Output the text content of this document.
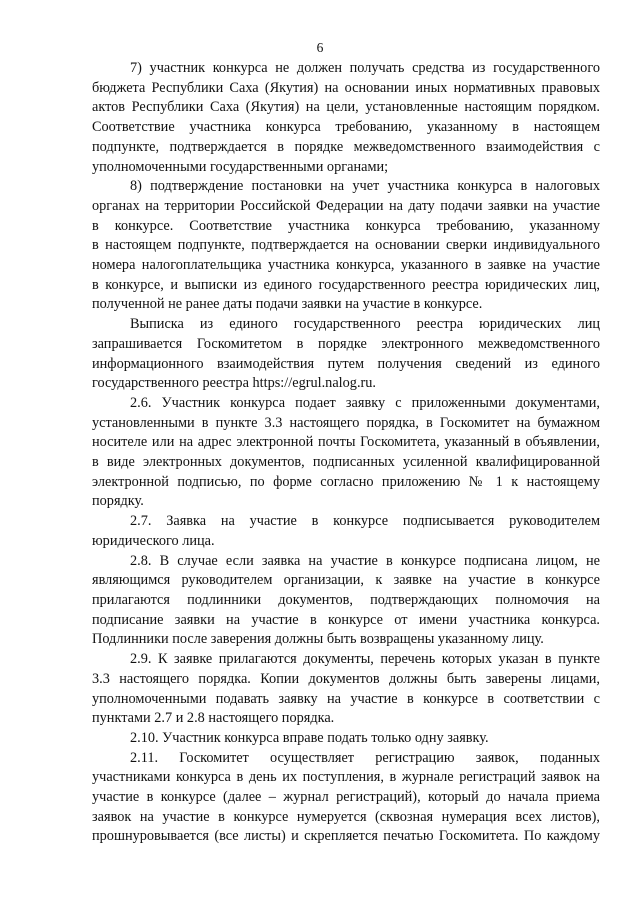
6
7) участник конкурса не должен получать средства из государственного
бюджета Республики Саха (Якутия) на основании иных нормативных правовых
актов Республики Саха (Якутия) на цели, установленные настоящим порядком.
Соответствие участника конкурса требованию, указанному в настоящем
подпункте, подтверждается в порядке межведомственного взаимодействия с
уполномоченными государственными органами;
8) подтверждение постановки на учет участника конкурса в налоговых
органах на территории Российской Федерации на дату подачи заявки на участие
в конкурсе. Соответствие участника конкурса требованию, указанному
в настоящем подпункте, подтверждается на основании сверки индивидуального
номера налогоплательщика участника конкурса, указанного в заявке на участие
в конкурсе, и выписки из единого государственного реестра юридических лиц,
полученной не ранее даты подачи заявки на участие в конкурсе.
Выписка из единого государственного реестра юридических лиц
запрашивается Госкомитетом в порядке электронного межведомственного
информационного взаимодействия путем получения сведений из единого
государственного реестра https://egrul.nalog.ru.
2.6. Участник конкурса подает заявку с приложенными документами,
установленными в пункте 3.3 настоящего порядка, в Госкомитет на бумажном
носителе или на адрес электронной почты Госкомитета, указанный в объявлении,
в виде электронных документов, подписанных усиленной квалифицированной
электронной подписью, по форме согласно приложению № 1 к настоящему
порядку.
2.7. Заявка на участие в конкурсе подписывается руководителем
юридического лица.
2.8. В случае если заявка на участие в конкурсе подписана лицом, не
являющимся руководителем организации, к заявке на участие в конкурсе
прилагаются подлинники документов, подтверждающих полномочия на
подписание заявки на участие в конкурсе от имени участника конкурса.
Подлинники после заверения должны быть возвращены указанному лицу.
2.9. К заявке прилагаются документы, перечень которых указан в пункте
3.3 настоящего порядка. Копии документов должны быть заверены лицами,
уполномоченными подавать заявку на участие в конкурсе в соответствии с
пунктами 2.7 и 2.8 настоящего порядка.
2.10. Участник конкурса вправе подать только одну заявку.
2.11. Госкомитет осуществляет регистрацию заявок, поданных
участниками конкурса в день их поступления, в журнале регистраций заявок на
участие в конкурсе (далее – журнал регистраций), который до начала приема
заявок на участие в конкурсе нумеруется (сквозная нумерация всех листов),
прошнуровывается (все листы) и скрепляется печатью Госкомитета. По каждому
